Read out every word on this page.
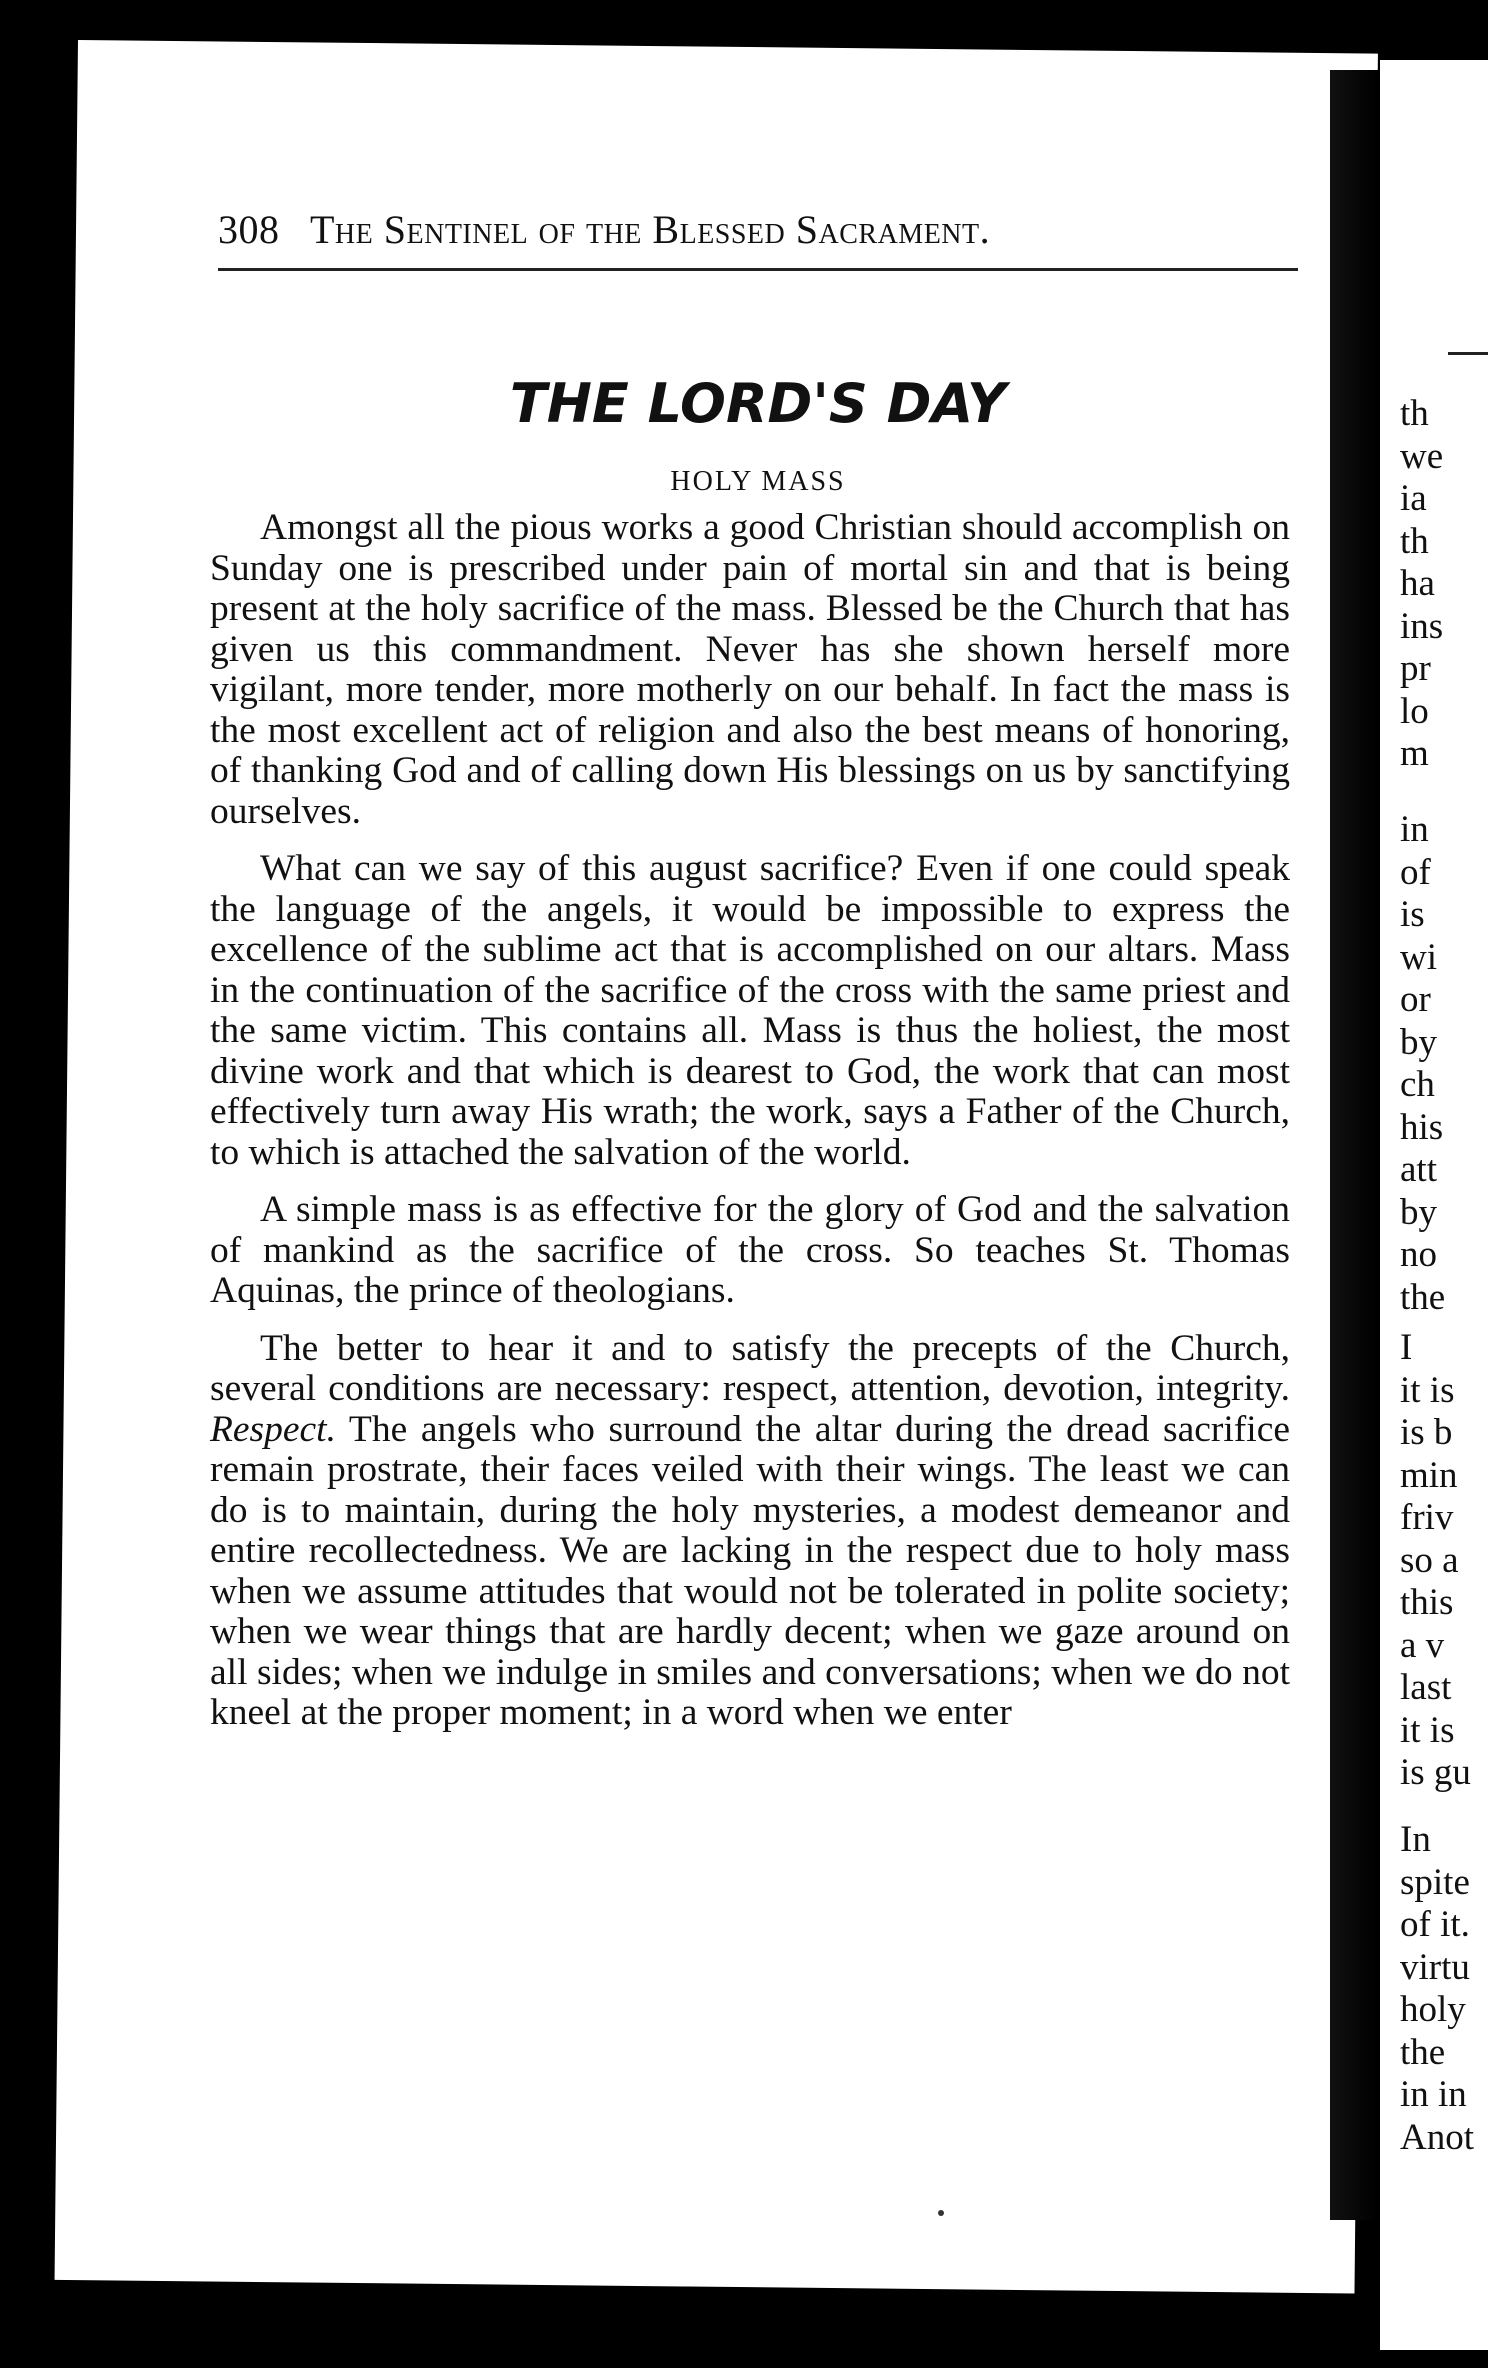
308 The Sentinel of the Blessed Sacrament.
THE LORD'S DAY
HOLY MASS

Amongst all the pious works a good Christian should accomplish on Sunday one is prescribed under pain of mortal sin and that is being present at the holy sacrifice of the mass. Blessed be the Church that has given us this commandment. Never has she shown herself more vigilant, more tender, more motherly on our behalf. In fact the mass is the most excellent act of religion and also the best means of honoring, of thanking God and of calling down His blessings on us by sanctifying ourselves.

What can we say of this august sacrifice? Even if one could speak the language of the angels, it would be impossible to express the excellence of the sublime act that is accomplished on our altars. Mass in the continuation of the sacrifice of the cross with the same priest and the same victim. This contains all. Mass is thus the holiest, the most divine work and that which is dearest to God, the work that can most effectively turn away His wrath; the work, says a Father of the Church, to which is attached the salvation of the world.

A simple mass is as effective for the glory of God and the salvation of mankind as the sacrifice of the cross. So teaches St. Thomas Aquinas, the prince of theologians.

The better to hear it and to satisfy the precepts of the Church, several conditions are necessary: respect, attention, devotion, integrity. Respect. The angels who surround the altar during the dread sacrifice remain prostrate, their faces veiled with their wings. The least we can do is to maintain, during the holy mysteries, a modest demeanor and entire recollectedness. We are lacking in the respect due to holy mass when we assume attitudes that would not be tolerated in polite society; when we wear things that are hardly decent; when we gaze around on all sides; when we indulge in smiles and conversations; when we do not kneel at the proper moment; in a word when we enter

th
we
ia
th
ha
ins
pr
lo
m
in
of
is
wi
or
by
ch
his
att
by
no
the
I
it is
is b
min
friv
so a
this
a v
last
it is
is gu
In
spite
of it.
virtu
holy
the
in in
Anot
